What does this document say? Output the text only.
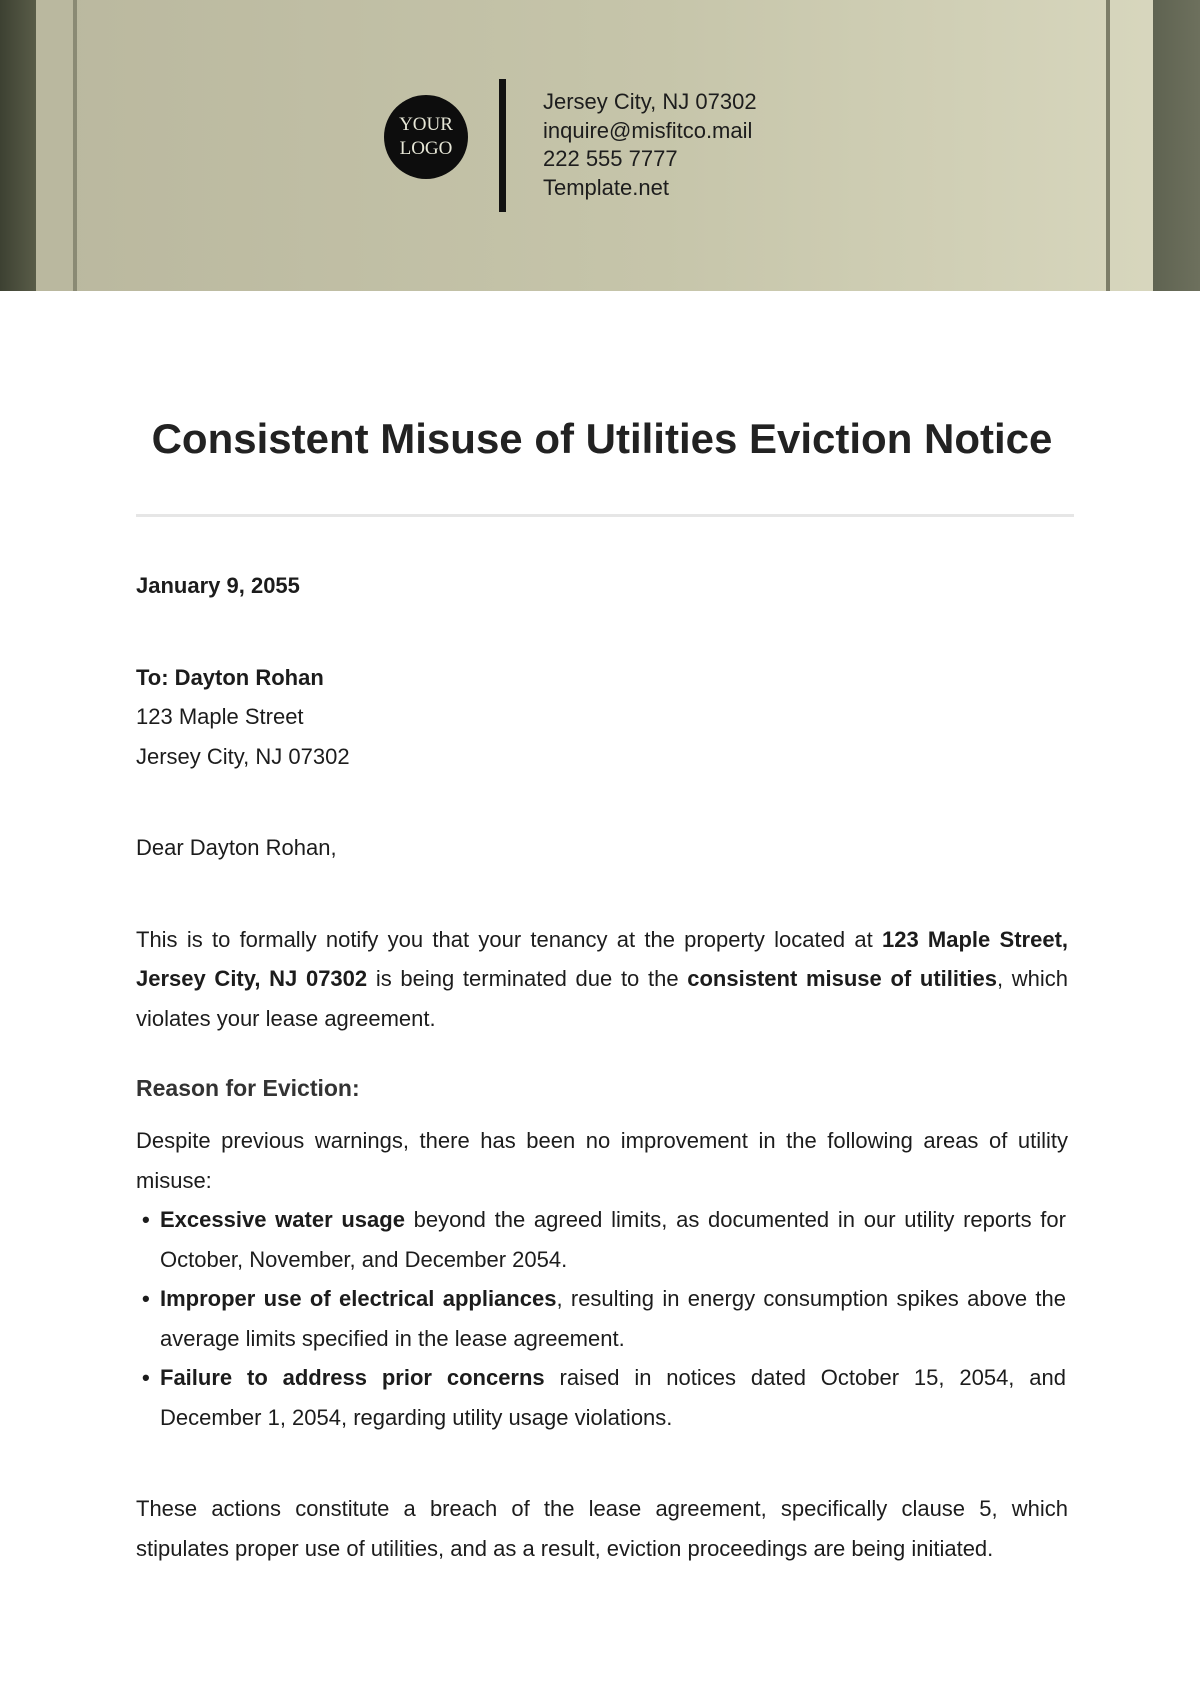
YOUR
LOGO
Jersey City, NJ 07302
inquire@misfitco.mail
222 555 7777
Template.net
Consistent Misuse of Utilities Eviction Notice

January 9, 2055

To: Dayton Rohan

123 Maple Street

Jersey City, NJ 07302

Dear Dayton Rohan,

This is to formally notify you that your tenancy at the property located at 123 Maple Street, Jersey City, NJ 07302 is being terminated due to the consistent misuse of utilities, which violates your lease agreement.

Reason for Eviction:

Despite previous warnings, there has been no improvement in the following areas of utility misuse:

• Excessive water usage beyond the agreed limits, as documented in our utility reports for October, November, and December 2054.
• Improper use of electrical appliances, resulting in energy consumption spikes above the average limits specified in the lease agreement.
• Failure to address prior concerns raised in notices dated October 15, 2054, and December 1, 2054, regarding utility usage violations.

These actions constitute a breach of the lease agreement, specifically clause 5, which stipulates proper use of utilities, and as a result, eviction proceedings are being initiated.
